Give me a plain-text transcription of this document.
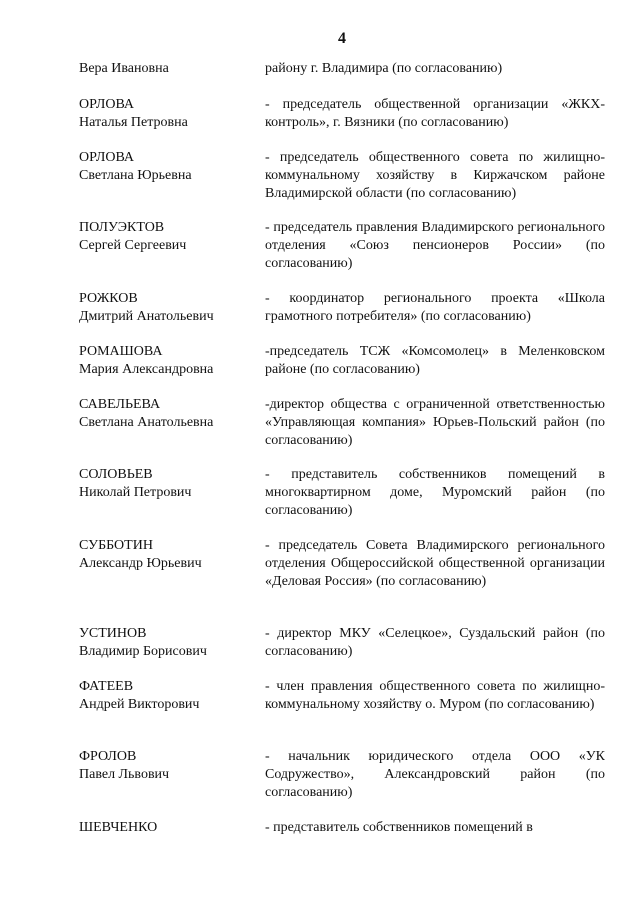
4
Вера Ивановна	району г. Владимира (по согласованию)
ОРЛОВА
Наталья Петровна
- председатель общественной организации «ЖКХ-контроль», г. Вязники (по согласованию)
ОРЛОВА
Светлана Юрьевна
- председатель общественного совета по жилищно-коммунальному хозяйству в Киржачском районе Владимирской области (по согласованию)
ПОЛУЭКТОВ
Сергей Сергеевич
- председатель правления Владимирского регионального отделения «Союз пенсионеров России» (по согласованию)
РОЖКОВ
Дмитрий Анатольевич
- координатор регионального проекта «Школа грамотного потребителя» (по согласованию)
РОМАШОВА
Мария Александровна
-председатель ТСЖ «Комсомолец» в Меленковском районе (по согласованию)
САВЕЛЬЕВА
Светлана Анатольевна
-директор общества с ограниченной ответственностью «Управляющая компания» Юрьев-Польский район (по согласованию)
СОЛОВЬЕВ
Николай Петрович
- представитель собственников помещений в многоквартирном доме, Муромский район (по согласованию)
СУББОТИН
Александр Юрьевич
- председатель Совета Владимирского регионального отделения Общероссийской общественной организации «Деловая Россия» (по согласованию)
УСТИНОВ
Владимир Борисович
- директор МКУ «Селецкое», Суздальский район (по согласованию)
ФАТЕЕВ
Андрей Викторович
- член правления общественного совета по жилищно-коммунальному хозяйству о. Муром (по согласованию)
ФРОЛОВ
Павел Львович
- начальник юридического отдела ООО «УК Содружество», Александровский район (по согласованию)
ШЕВЧЕНКО	- представитель собственников помещений в
